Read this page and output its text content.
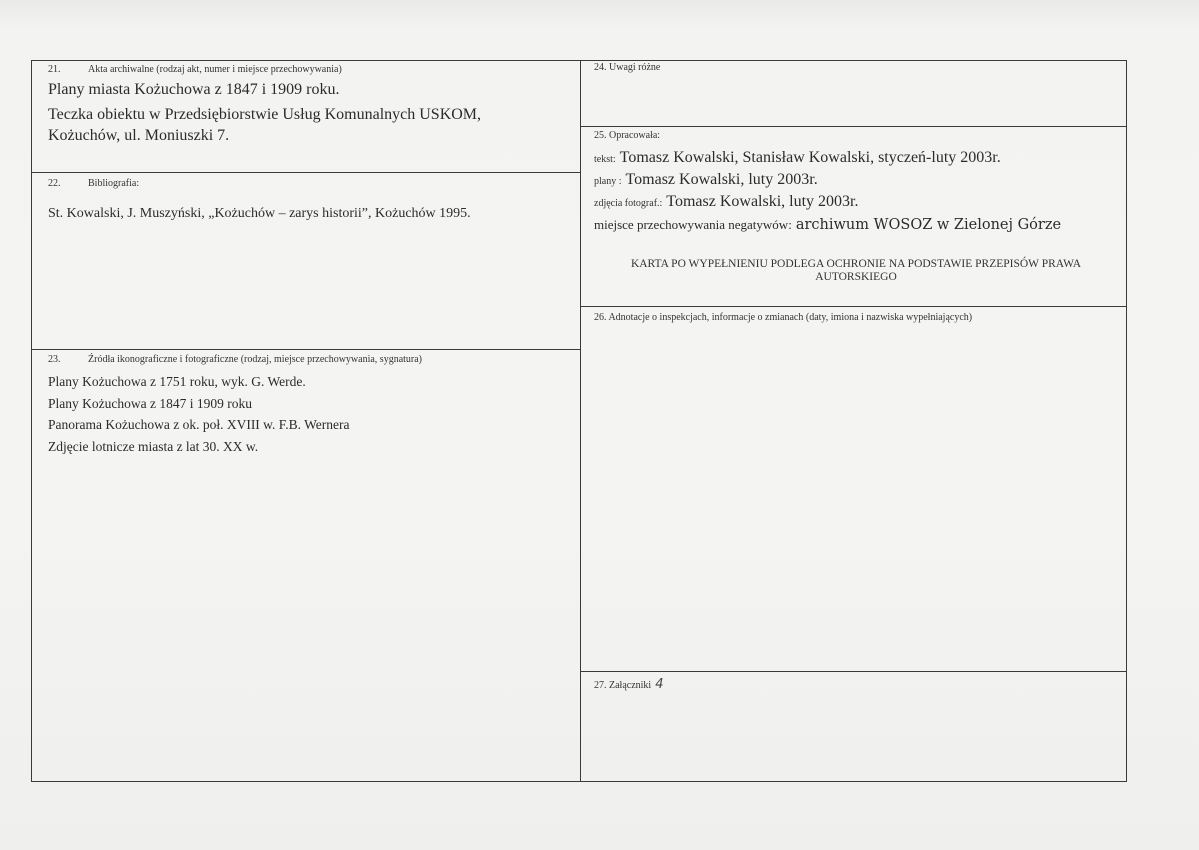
21.	Akta archiwalne (rodzaj akt, numer i miejsce przechowywania)
Plany miasta Kożuchowa z 1847 i 1909 roku.
Teczka obiektu w Przedsiębiorstwie Usług Komunalnych USKOM,
Kożuchów, ul. Moniuszki 7.
22.	Bibliografia:
St. Kowalski, J. Muszyński, „Kożuchów – zarys historii”, Kożuchów 1995.
23.	Źródła ikonograficzne i fotograficzne (rodzaj, miejsce przechowywania, sygnatura)
Plany Kożuchowa z 1751 roku, wyk. G. Werde.
Plany Kożuchowa z 1847 i 1909 roku
Panorama Kożuchowa z ok. poł. XVIII w. F.B. Wernera
Zdjęcie lotnicze miasta z lat 30. XX w.
24. Uwagi różne
25. Opracowała:
tekst: Tomasz Kowalski, Stanisław Kowalski, styczeń-luty 2003r.
plany : Tomasz Kowalski, luty 2003r.
zdjęcia fotograf.: Tomasz Kowalski, luty 2003r.
miejsce przechowywania negatywów: archiwum WOSOZ w Zielonej Górze
KARTA PO WYPEŁNIENIU PODLEGA OCHRONIE NA PODSTAWIE PRZEPISÓW PRAWA
AUTORSKIEGO
26. Adnotacje o inspekcjach, informacje o zmianach (daty, imiona i nazwiska wypełniających)
27. Załączniki 4
